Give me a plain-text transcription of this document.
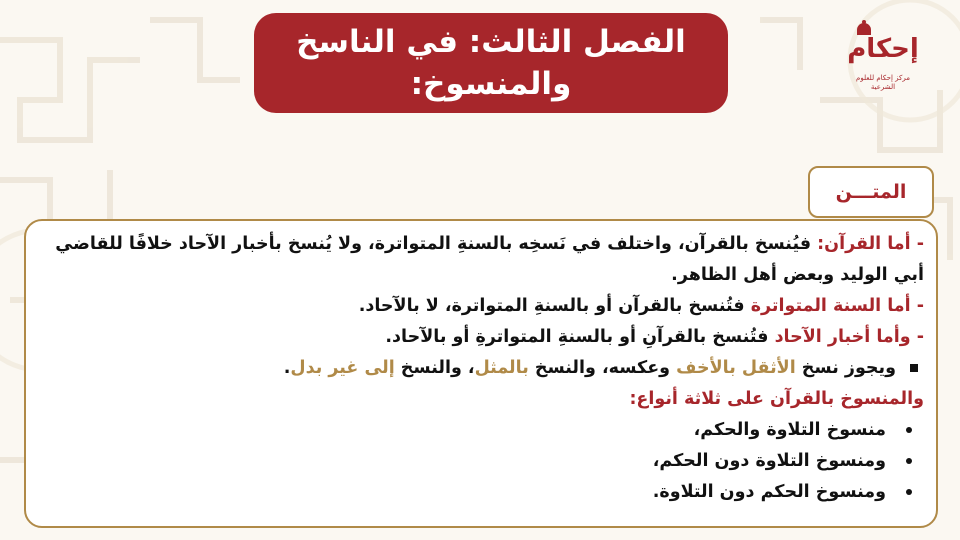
الفصل الثالث: في الناسخ والمنسوخ:
إحكام
مركز إحكام للعلوم الشرعية
المتـــن

- أما القرآن: فيُنسخ بالقرآن، واختلف في نَسخِه بالسنةِ المتواترة، ولا يُنسخ بأخبار الآحاد خلافًا للقاضي أبي الوليد وبعض أهل الظاهر.

- أما السنة المتواترة فتُنسخ بالقرآن أو بالسنةِ المتواترة، لا بالآحاد.

- وأما أخبار الآحاد فتُنسخ بالقرآنِ أو بالسنةِ المتواترةِ أو بالآحاد.

ويجوز نسخ الأثقل بالأخف وعكسه، والنسخ بالمثل، والنسخ إلى غير بدل.

والمنسوخ بالقرآن على ثلاثة أنواع:

منسوخ التلاوة والحكم،

ومنسوخ التلاوة دون الحكم،

ومنسوخ الحكم دون التلاوة.
